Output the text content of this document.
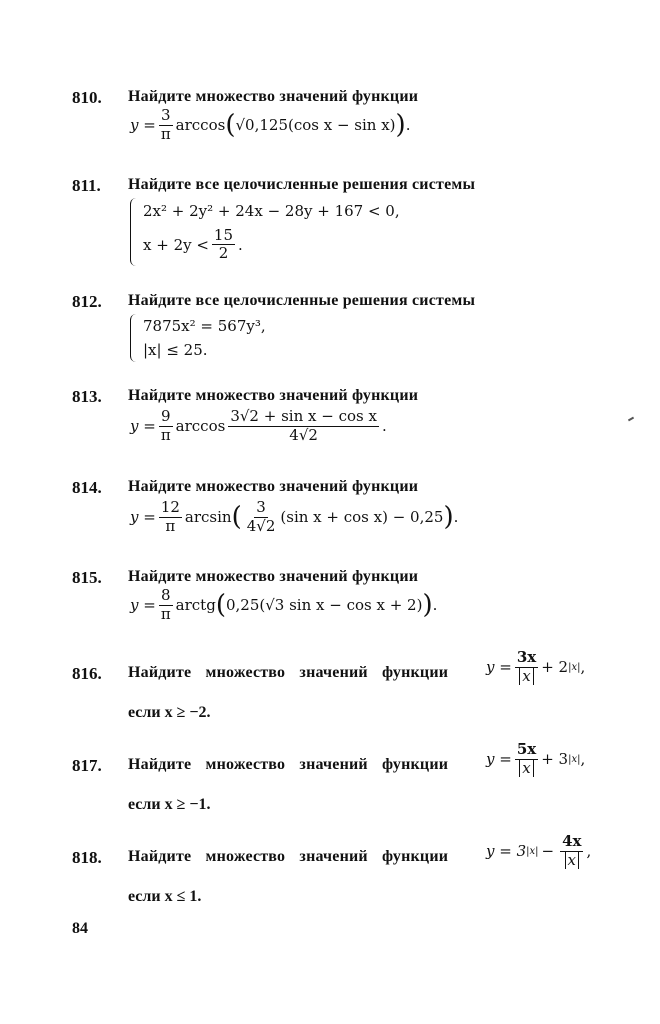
810. Найдите множество значений функции
$y = \frac{3}{\pi}$ arccos ( √0,125(cos x − sin x) ) .
811. Найдите все целочисленные решения системы
2x² + 2y² + 24x − 28y + 167 < 0,
$x + 2y < \frac{15}{2}$ .
812. Найдите все целочисленные решения системы
7875x² = 567y³,
|x| ≤ 25.
813. Найдите множество значений функции
$y = \frac{9}{\pi}$ $\arccos \frac{\text{3√2 + sin x − cos x}}{4√2}$ .
814. Найдите множество значений функции
$y = \frac{12}{\pi}$ arcsin ( $\frac{3}{4√2} (\sin$ x + cos x) − 0,25 ) .
815. Найдите множество значений функции
$y = \frac{8}{\pi}$ arctg ( 0,25(√3 sin x − cos x + 2) ) .
816. Найдите множество значений функции	$y = \frac{3x}{x} + 2$ |x| ,
если x ≥ −2.
817. Найдите множество значений функции	$y = \frac{5x}{x} + 3$ |x| ,
если x ≥ −1.
818. Найдите множество значений функции	y = 3 $|x| - \frac{4x}{x}$ ,
если x ≤ 1.
84
